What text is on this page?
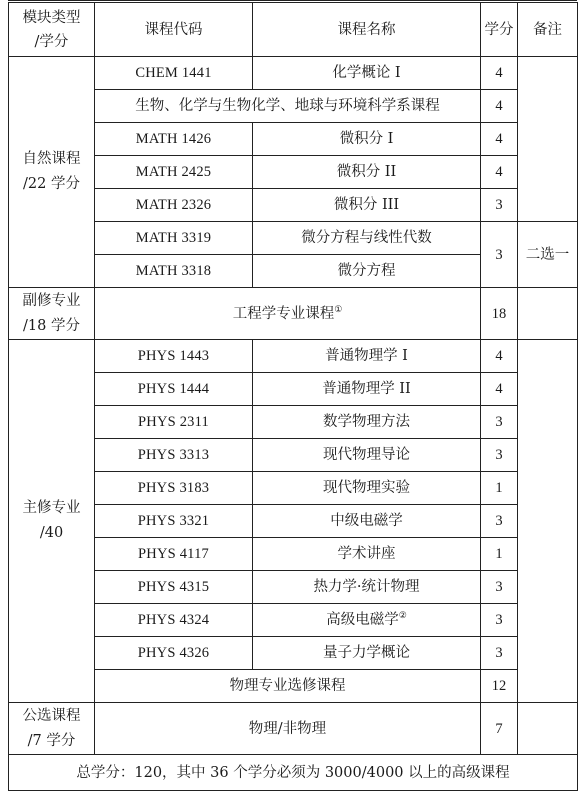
模块类型
/学分	课程代码	课程名称	学分	备注
自然课程
/22 学分	CHEM 1441	化学概论 I	4	
	生物、化学与生物化学、地球与环境科学系课程		4	
	MATH 1426	微积分 I	4	
	MATH 2425	微积分 II	4	
	MATH 2326	微积分 III	3	
	MATH 3319	微分方程与线性代数	3	二选一
	MATH 3318	微分方程		
副修专业
/18 学分	工程学专业课程①		18	
主修专业
/40	PHYS 1443	普通物理学 I	4	
	PHYS 1444	普通物理学 II	4	
	PHYS 2311	数学物理方法	3	
	PHYS 3313	现代物理导论	3	
	PHYS 3183	现代物理实验	1	
	PHYS 3321	中级电磁学	3	
	PHYS 4117	学术讲座	1	
	PHYS 4315	热力学·统计物理	3	
	PHYS 4324	高级电磁学②	3	
	PHYS 4326	量子力学概论	3	
	物理专业选修课程		12	
公选课程
/7 学分	物理/非物理		7	
总学分：120，其中 36 个学分必须为 3000/4000 以上的高级课程				
